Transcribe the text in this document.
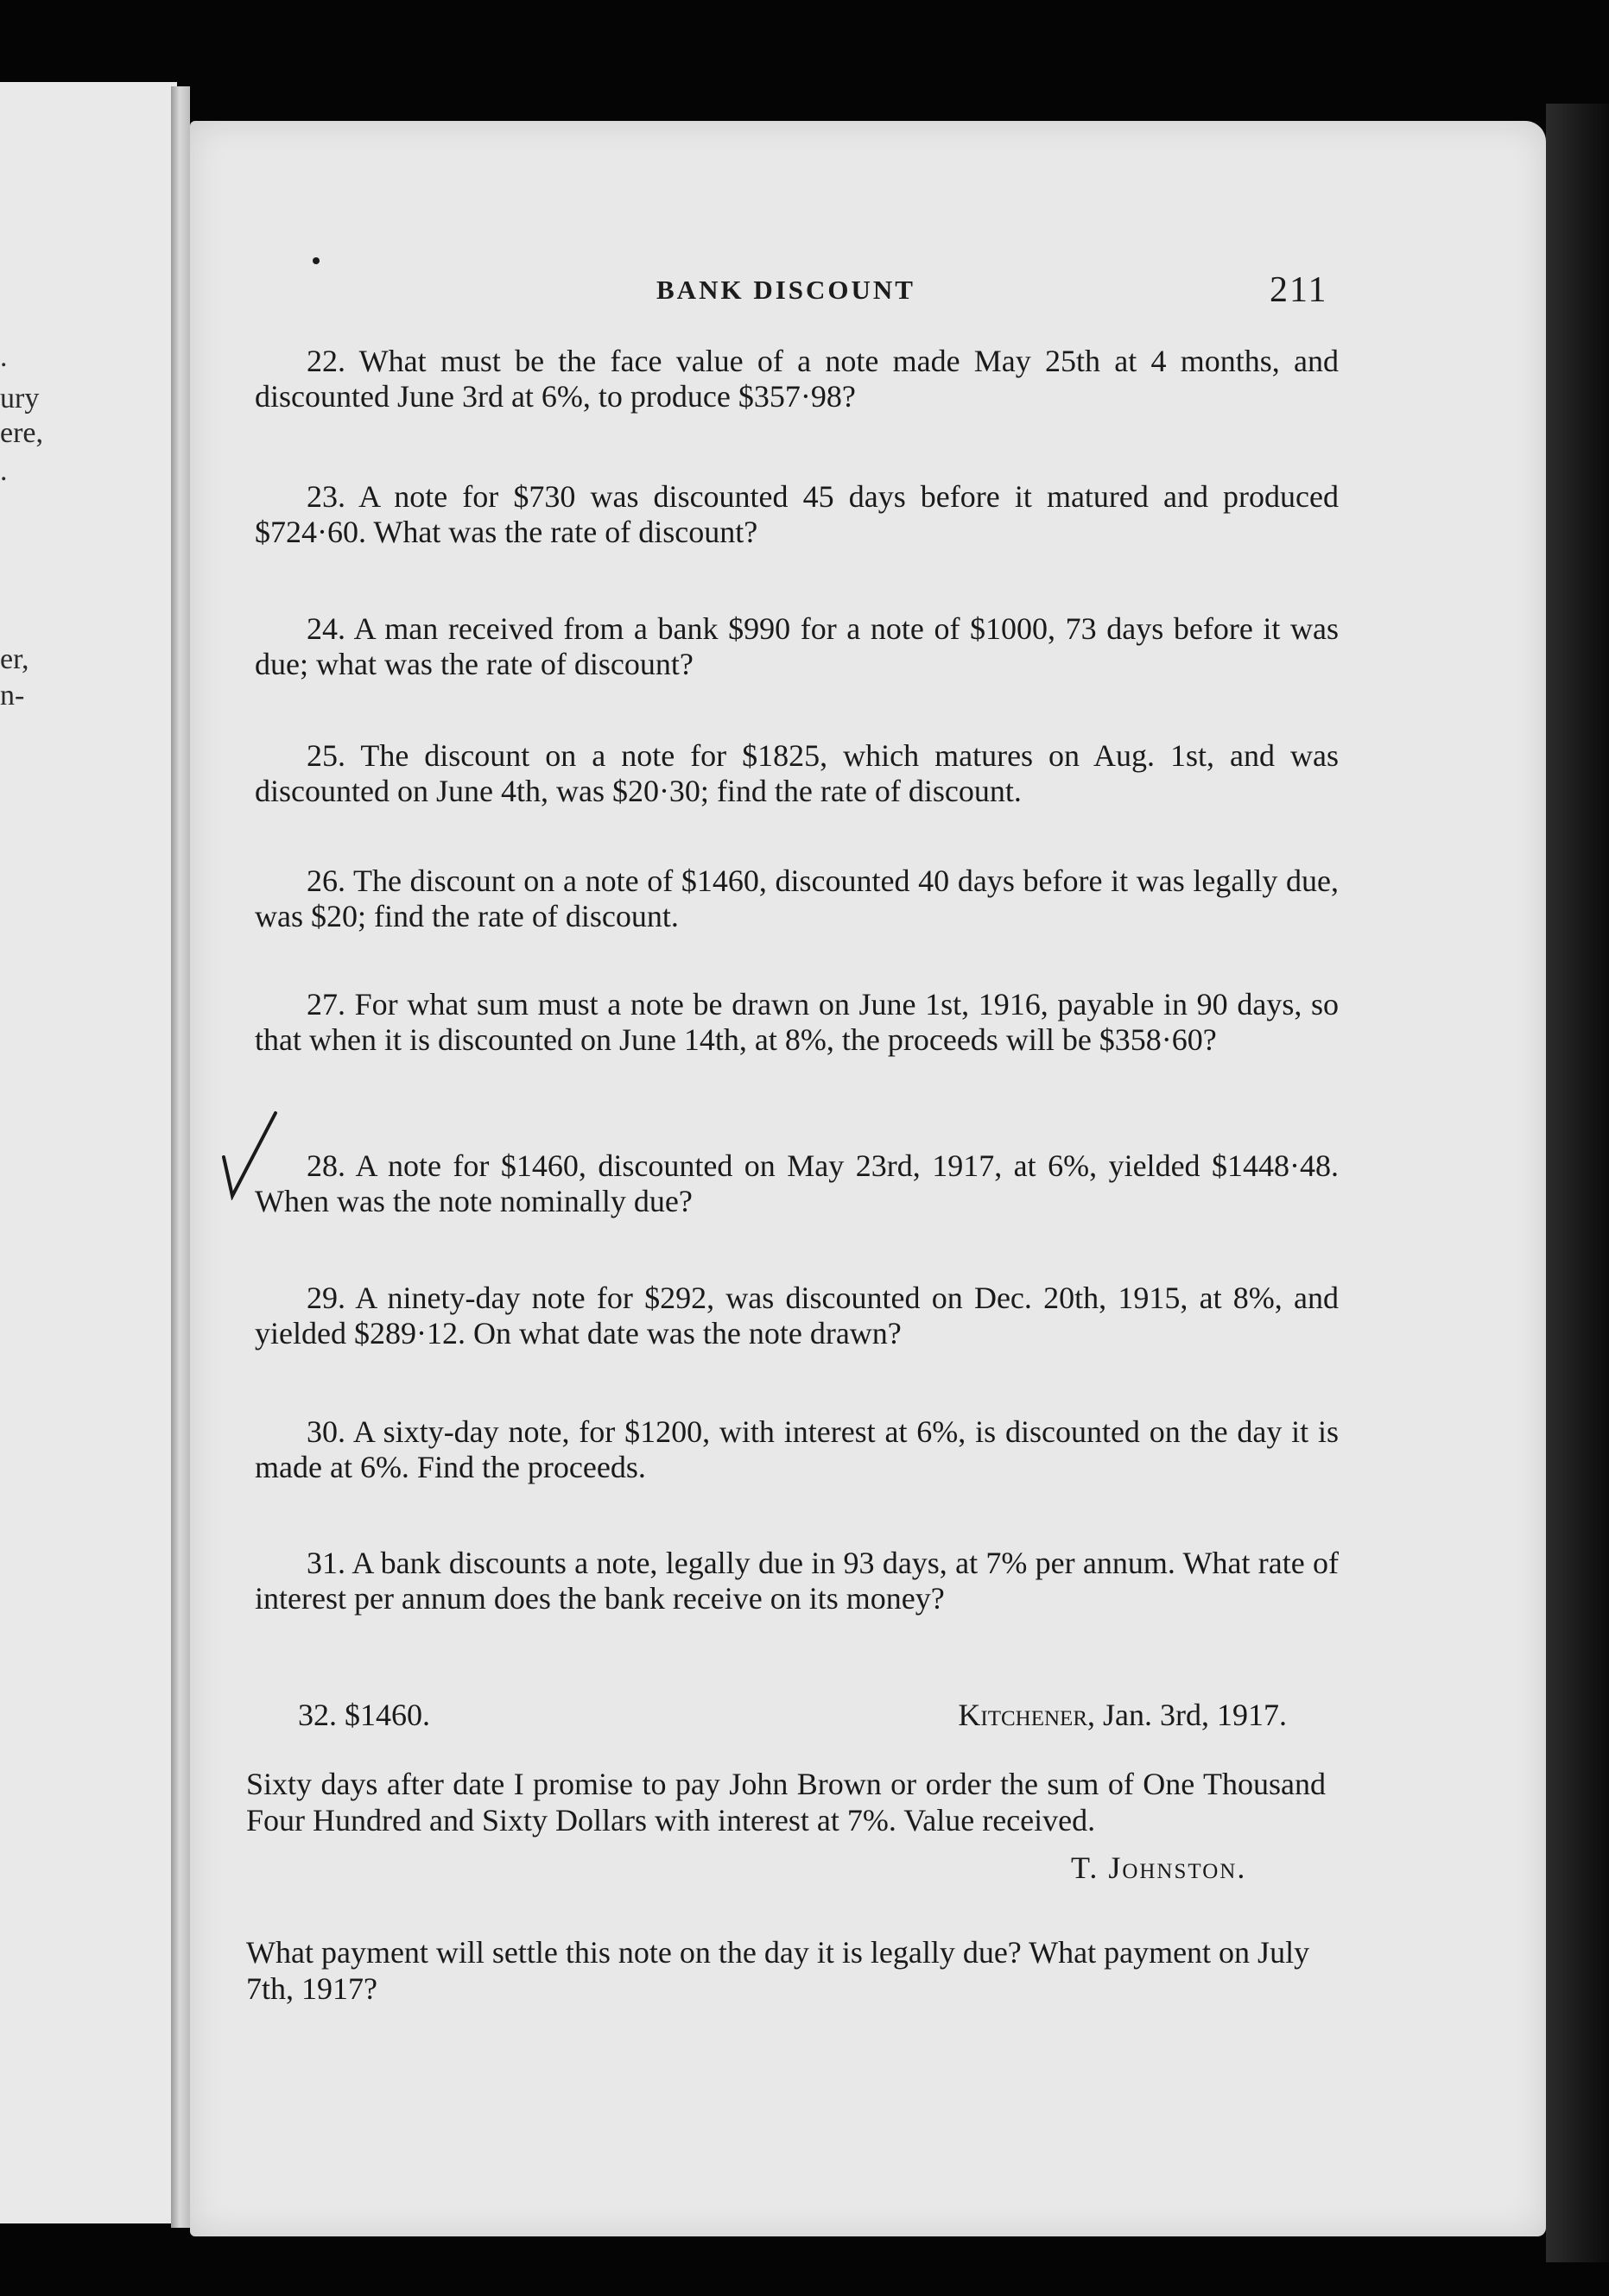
.
ury
ere,
.
er,
n-
BANK DISCOUNT	211
22. What must be the face value of a note made May 25th at 4 months, and discounted June 3rd at 6%, to produce $357·98?
23. A note for $730 was discounted 45 days before it matured and produced $724·60. What was the rate of discount?
24. A man received from a bank $990 for a note of $1000, 73 days before it was due; what was the rate of discount?
25. The discount on a note for $1825, which matures on Aug. 1st, and was discounted on June 4th, was $20·30; find the rate of discount.
26. The discount on a note of $1460, discounted 40 days before it was legally due, was $20; find the rate of discount.
27. For what sum must a note be drawn on June 1st, 1916, payable in 90 days, so that when it is discounted on June 14th, at 8%, the proceeds will be $358·60?
28. A note for $1460, discounted on May 23rd, 1917, at 6%, yielded $1448·48. When was the note nominally due?
29. A ninety-day note for $292, was discounted on Dec. 20th, 1915, at 8%, and yielded $289·12. On what date was the note drawn?
30. A sixty-day note, for $1200, with interest at 6%, is discounted on the day it is made at 6%. Find the proceeds.
31. A bank discounts a note, legally due in 93 days, at 7% per annum. What rate of interest per annum does the bank receive on its money?
32. $1460.	Kitchener, Jan. 3rd, 1917.
Sixty days after date I promise to pay John Brown or order the sum of One Thousand Four Hundred and Sixty Dollars with interest at 7%. Value received.
T. Johnston.
What payment will settle this note on the day it is legally due? What payment on July 7th, 1917?
